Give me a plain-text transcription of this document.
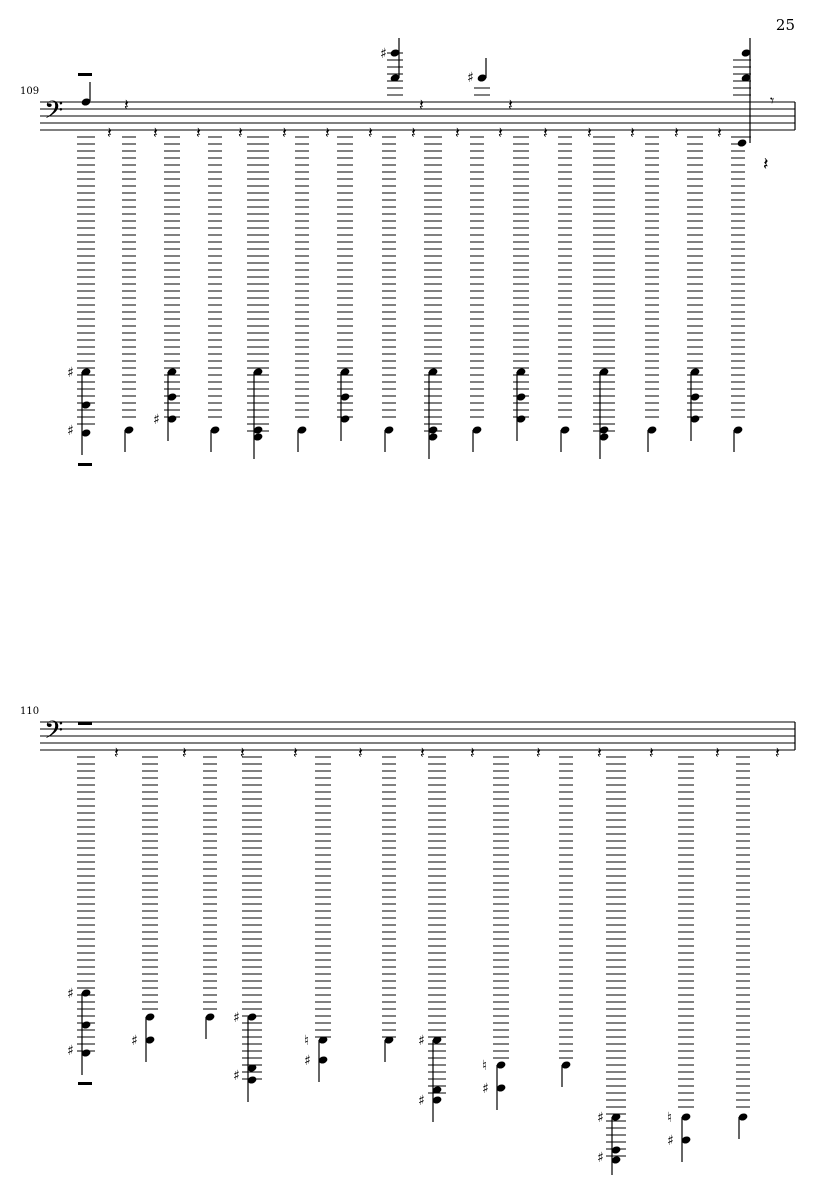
25
109
110
𝄢
𝄽	𝄽 𝄽 𝄽 𝄽 𝄽 𝄽 𝄽 𝄽 𝄽	𝄽 𝄽 𝄽 𝄽 𝄽
𝄽	𝄽	𝄽
♯
♯
♯
♯
♯
𝄾
𝄽
𝄢
𝄽	𝄽	𝄽	𝄽	𝄽	𝄽	𝄽	𝄽	𝄽	𝄽	𝄽	𝄽
♯
♯
♯
♯
♯
♮
♯
♯
♯
♮
♯
♯
♯
♮
♯
